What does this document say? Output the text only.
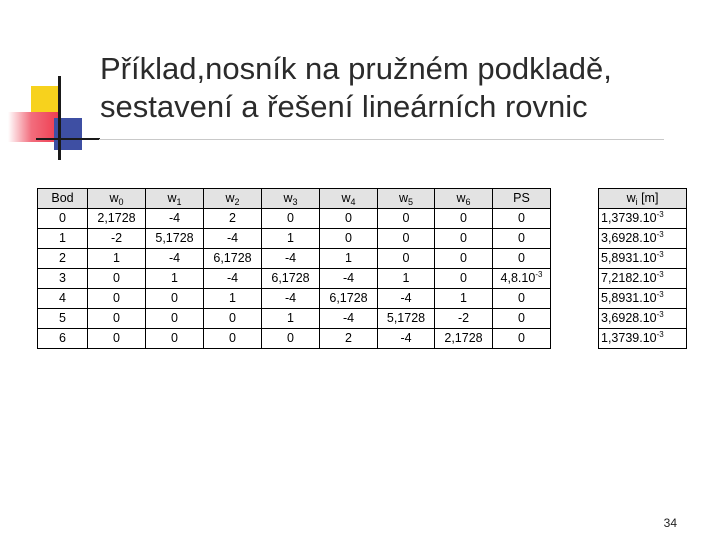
Příklad,nosník na pružném podkladě, sestavení a řešení lineárních rovnic
Bod	$w_0$	$w_1$	$w_2$	$w_3$	$w_4$	$w_5$	$w_6$	PS
0	2,1728	-4	2	0	0	0	0	0
1	-2	5,1728	-4	1	0	0	0	0
2	1	-4	6,1728	-4	1	0	0	0
3	0	1	-4	6,1728	-4	1	0	$4,8.10^{-3}$
4	0	0	1	-4	6,1728	-4	1	0
5	0	0	0	1	-4	5,1728	-2	0
6	0	0	0	0	2	-4	2,1728	0
$w_i$ [m]
$1,3739.10^{-3}$
$3,6928.10^{-3}$
$5,8931.10^{-3}$
$7,2182.10^{-3}$
$5,8931.10^{-3}$
$3,6928.10^{-3}$
$1,3739.10^{-3}$
34
